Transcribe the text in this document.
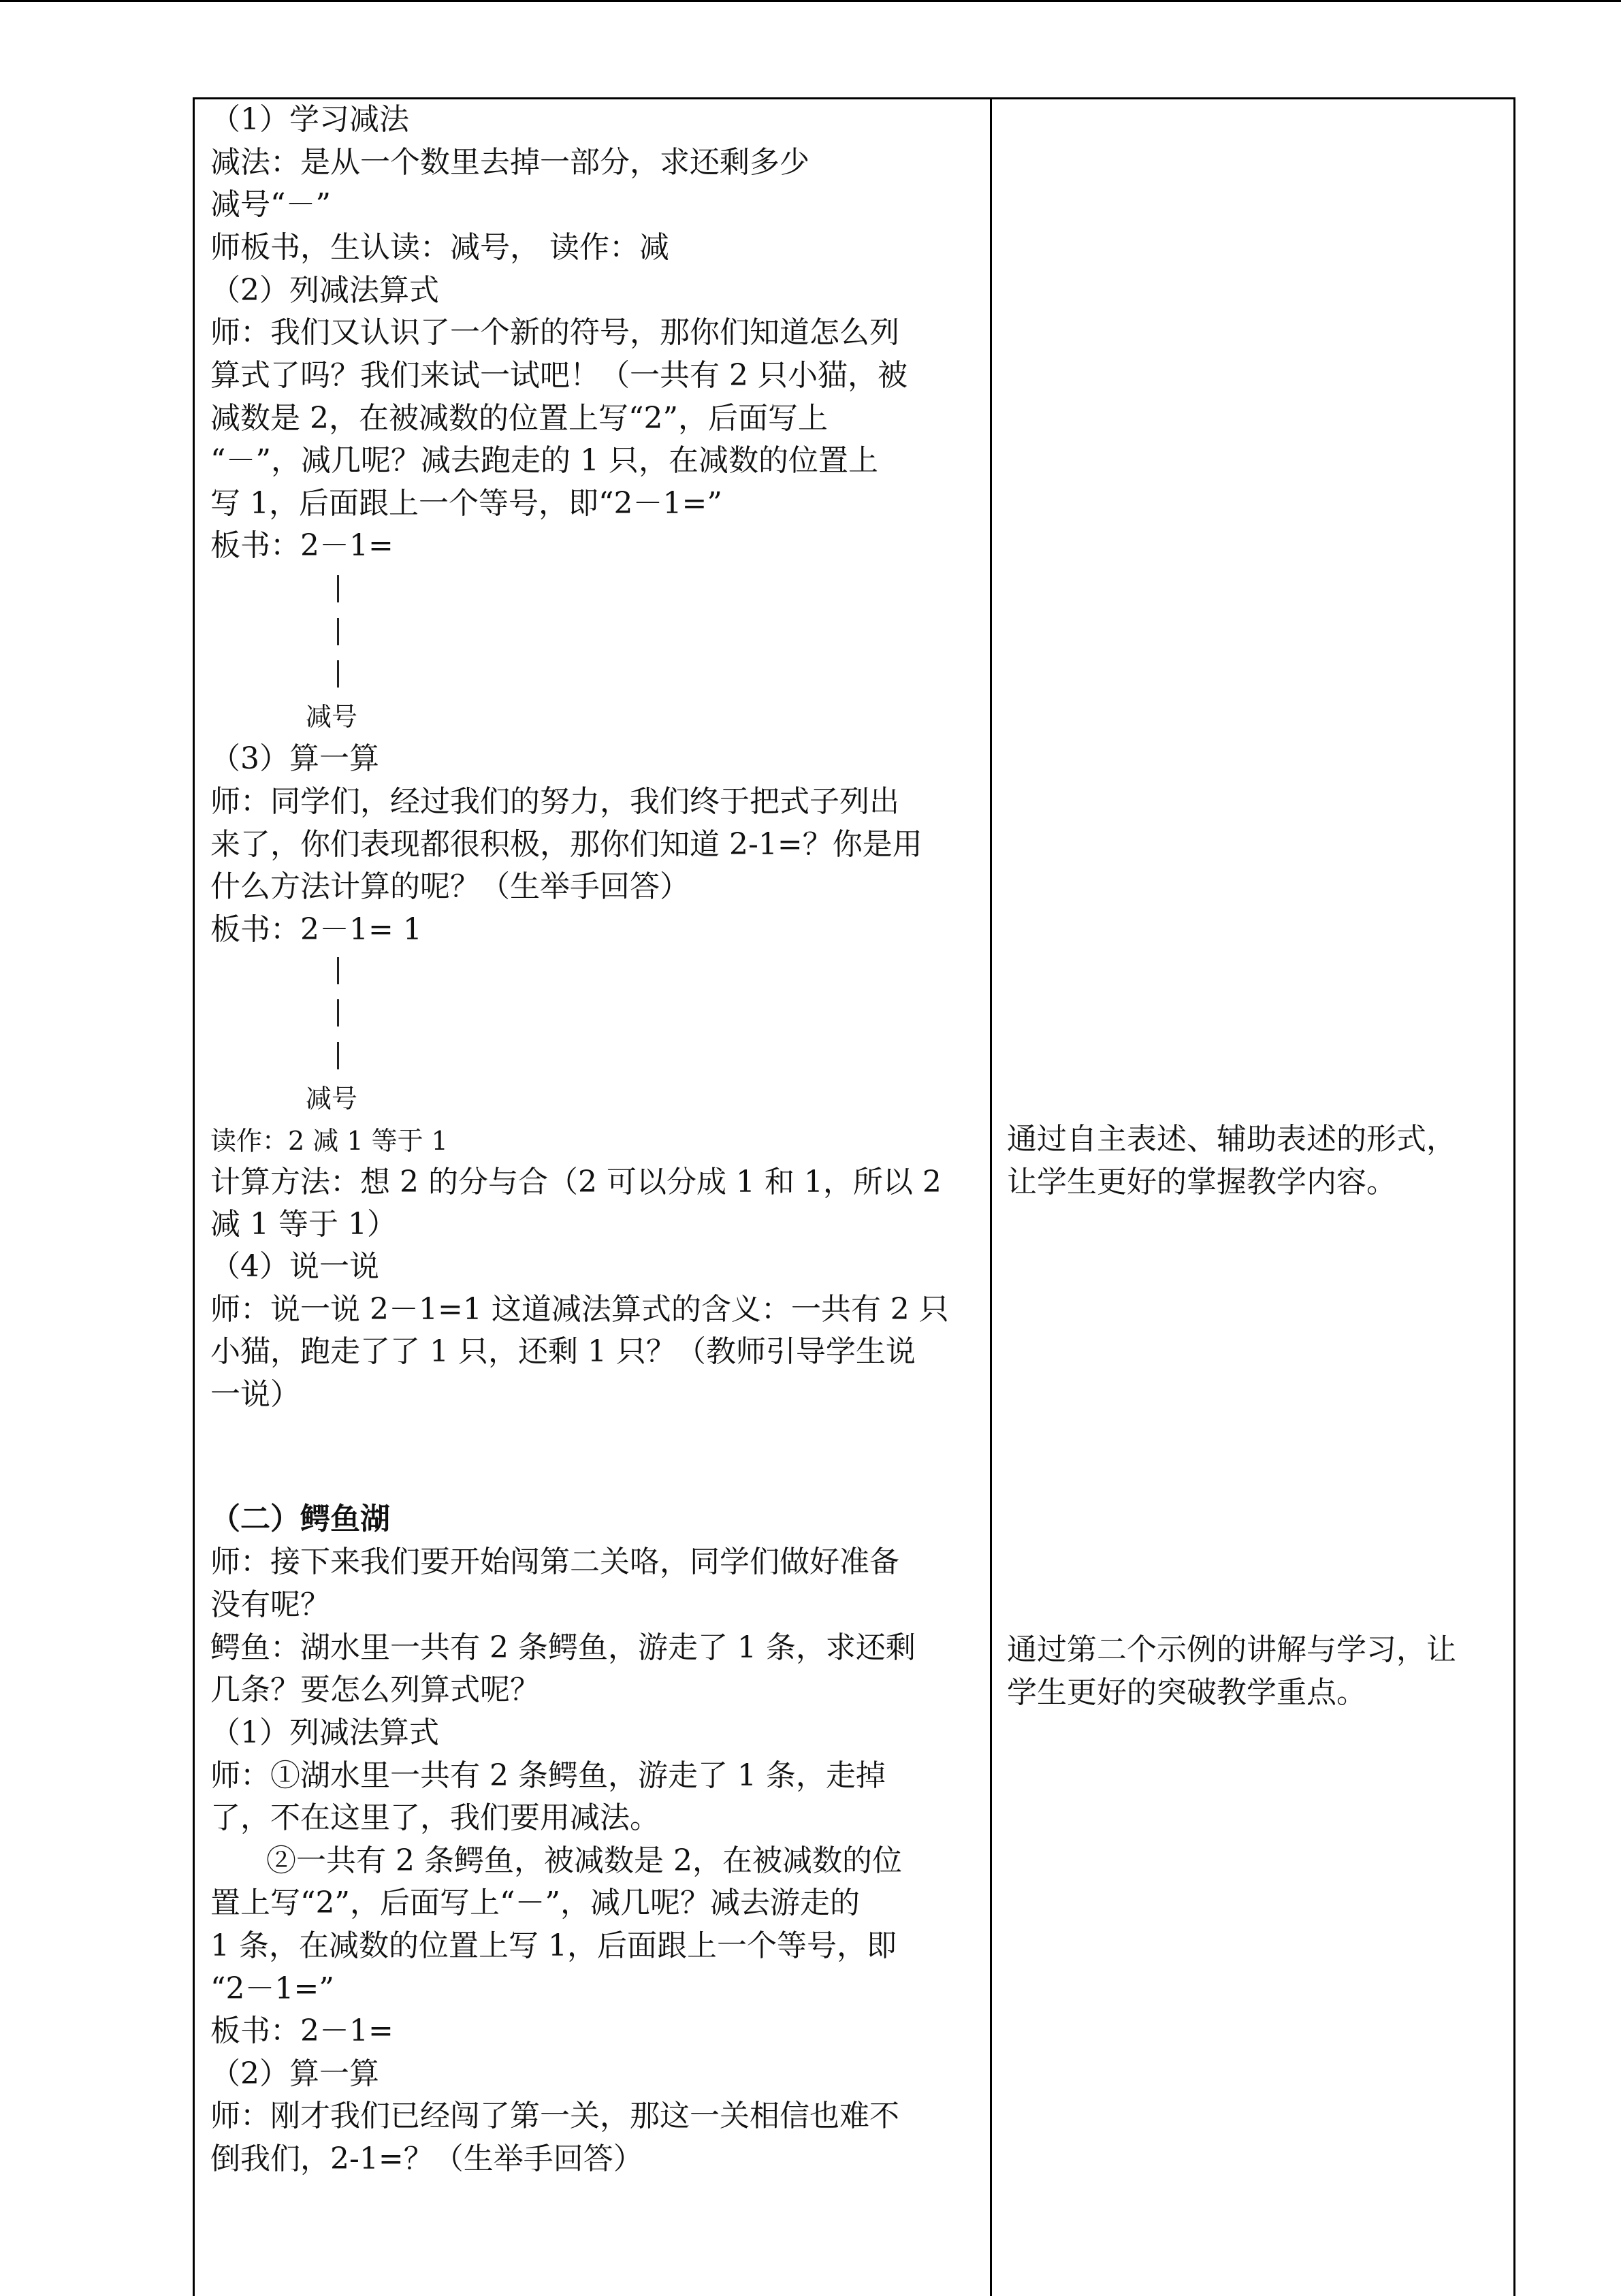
（1）学习减法
减法：是从一个数里去掉一部分，求还剩多少
减号“－”
师板书，生认读：减号， 读作：减
（2）列减法算式
师：我们又认识了一个新的符号，那你们知道怎么列
算式了吗？我们来试一试吧！（一共有 2 只小猫，被
减数是 2，在被减数的位置上写“2”，后面写上
“－”，减几呢？减去跑走的 1 只，在减数的位置上
写 1，后面跟上一个等号，即“2－1=”
板书：2－1=
减号
（3）算一算
师：同学们，经过我们的努力，我们终于把式子列出
来了，你们表现都很积极，那你们知道 2-1=？你是用
什么方法计算的呢？（生举手回答）
板书：2－1= 1
减号
读作：2 减 1 等于 1
计算方法：想 2 的分与合（2 可以分成 1 和 1，所以 2
减 1 等于 1）
（4）说一说
师：说一说 2－1=1 这道减法算式的含义：一共有 2 只
小猫，跑走了了 1 只，还剩 1 只？（教师引导学生说
一说）
（二）鳄鱼湖
师：接下来我们要开始闯第二关咯，同学们做好准备
没有呢？
鳄鱼：湖水里一共有 2 条鳄鱼，游走了 1 条，求还剩
几条？要怎么列算式呢？
（1）列减法算式
师：①湖水里一共有 2 条鳄鱼，游走了 1 条，走掉
了，不在这里了，我们要用减法。
②一共有 2 条鳄鱼，被减数是 2，在被减数的位
置上写“2”，后面写上“－”，减几呢？减去游走的
1 条，在减数的位置上写 1，后面跟上一个等号，即
“2－1=”
板书：2－1=
（2）算一算
师：刚才我们已经闯了第一关，那这一关相信也难不
倒我们，2-1=？（生举手回答）
通过自主表述、辅助表述的形式，
让学生更好的掌握教学内容。
通过第二个示例的讲解与学习，让
学生更好的突破教学重点。
